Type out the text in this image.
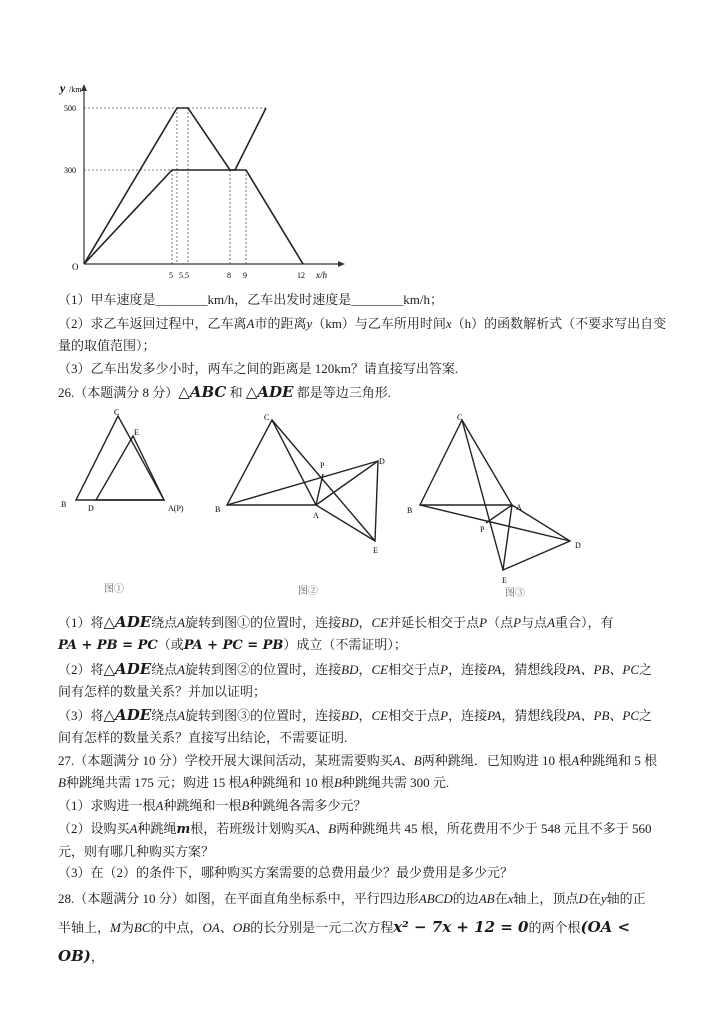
y /km
500
300
O
5 5.5	8 9	12 x/h

（1）甲车速度是________km/h，乙车出发时速度是________km/h；

（2）求乙车返回过程中，乙车离A市的距离y（km）与乙车所用时间x（h）的函数解析式（不要求写出自变
量的取值范围）；

（3）乙车出发多少小时，两车之间的距离是 120km？请直接写出答案.

26.（本题满分 8 分）△ABC 和 △ADE 都是等边三角形.

C
E
B	D	A(P)
图①
C
P	D
B
A
E
图②
C
A
B
P
D
E
图③

（1）将△ADE绕点A旋转到图①的位置时，连接BD，CE并延长相交于点P（点P与点A重合），有
PA + PB = PC（或PA + PC = PB）成立（不需证明）；

（2）将△ADE绕点A旋转到图②的位置时，连接BD，CE相交于点P，连接PA，猜想线段PA、PB、PC之
间有怎样的数量关系？并加以证明；

（3）将△ADE绕点A旋转到图③的位置时，连接BD，CE相交于点P，连接PA，猜想线段PA、PB、PC之
间有怎样的数量关系？直接写出结论，不需要证明.

27.（本题满分 10 分）学校开展大课间活动，某班需要购买A、B两种跳绳．已知购进 10 根A种跳绳和 5 根
B种跳绳共需 175 元；购进 15 根A种跳绳和 10 根B种跳绳共需 300 元.

（1）求购进一根A种跳绳和一根B种跳绳各需多少元？

（2）设购买A种跳绳m根，若班级计划购买A、B两种跳绳共 45 根，所花费用不少于 548 元且不多于 560
元，则有哪几种购买方案？

（3）在（2）的条件下，哪种购买方案需要的总费用最少？最少费用是多少元？

28.（本题满分 10 分）如图，在平面直角坐标系中，平行四边形ABCD的边AB在x轴上，顶点D在y轴的正
半轴上，M为BC的中点，OA、OB的长分别是一元二次方程x² − 7x + 12 = 0的两个根(OA < OB)，
